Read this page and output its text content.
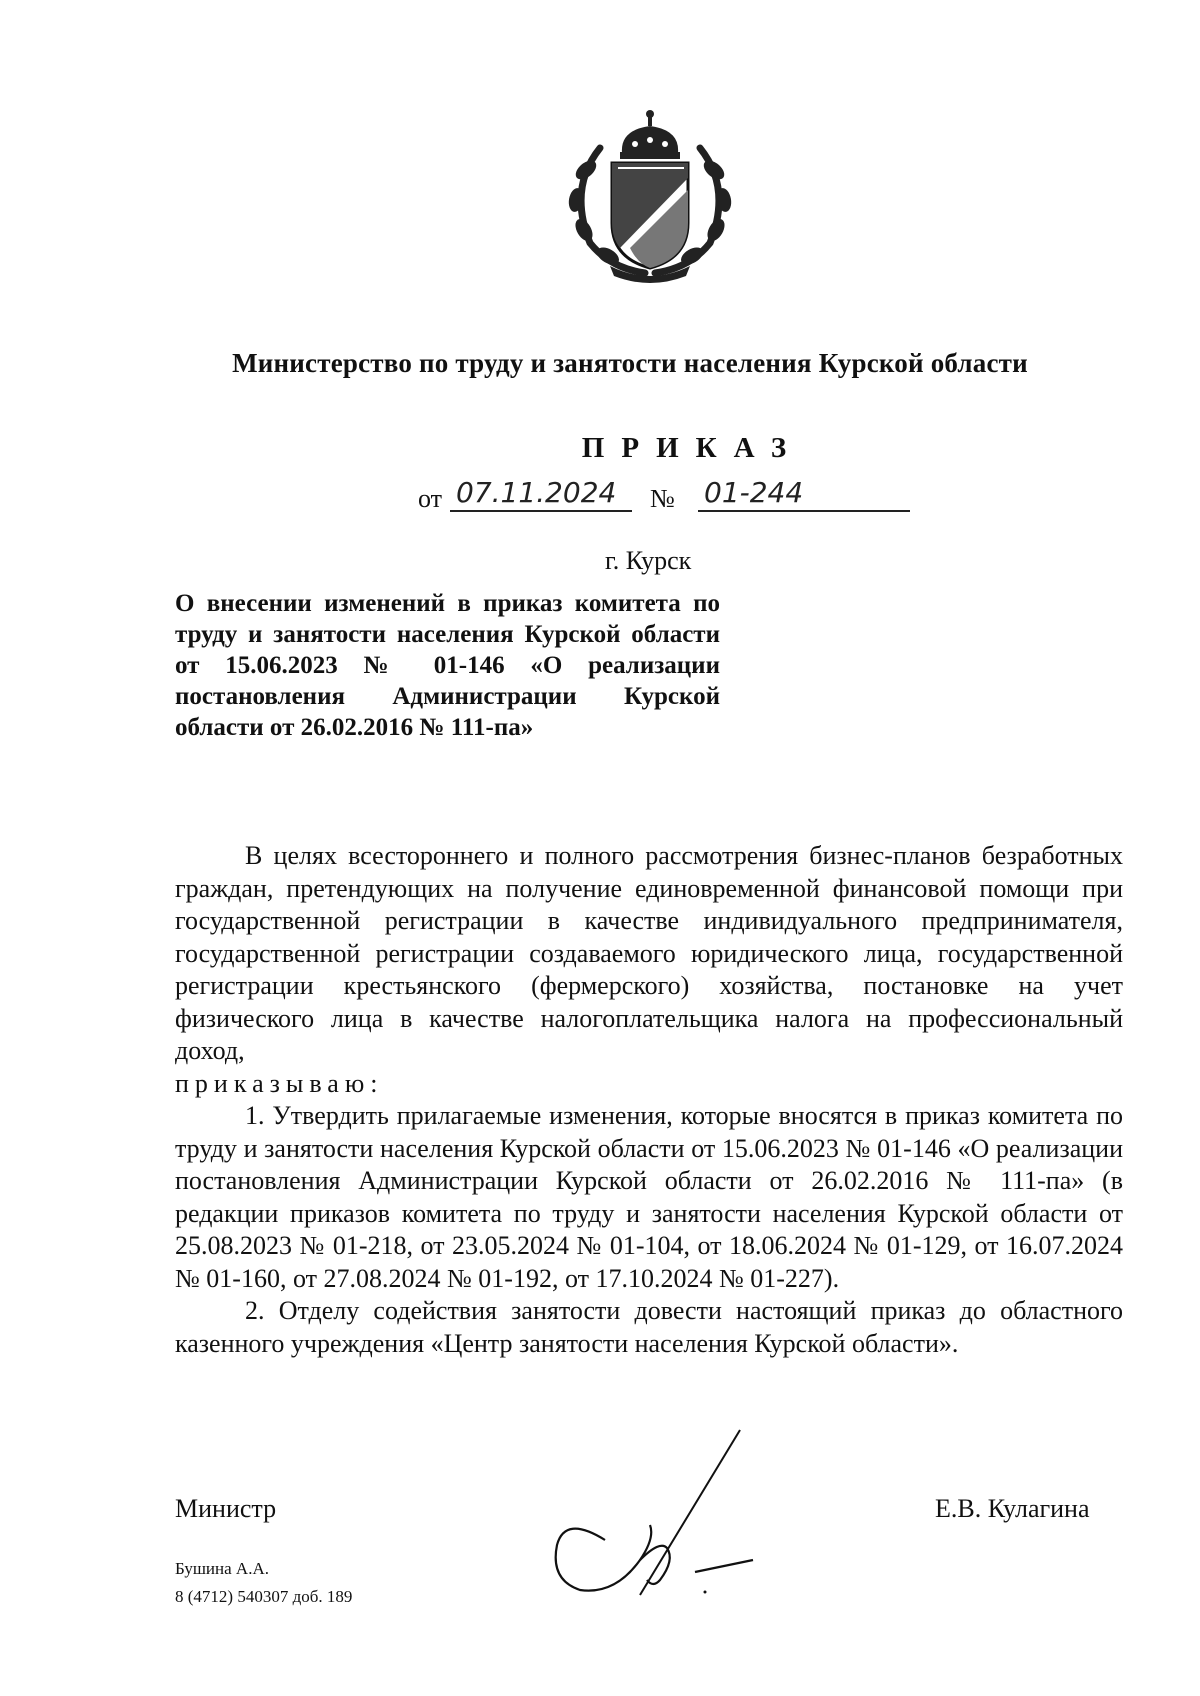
Министерство по труду и занятости населения Курской области
ПРИКАЗ
от 07.11.2024	№ 01-244
г. Курск
О внесении изменений в приказ комитета по труду и занятости населения Курской области от 15.06.2023 № 01-146 «О реализации постановления Администрации Курской области от 26.02.2016 № 111-па»

В целях всестороннего и полного рассмотрения бизнес-планов безработных граждан, претендующих на получение единовременной финансовой помощи при государственной регистрации в качестве индивидуального предпринимателя, государственной регистрации создаваемого юридического лица, государственной регистрации крестьянского (фермерского) хозяйства, постановке на учет физического лица в качестве налогоплательщика налога на профессиональный доход,

приказываю:

1. Утвердить прилагаемые изменения, которые вносятся в приказ комитета по труду и занятости населения Курской области от 15.06.2023 № 01-146 «О реализации постановления Администрации Курской области от 26.02.2016 № 111-па» (в редакции приказов комитета по труду и занятости населения Курской области от 25.08.2023 № 01-218, от 23.05.2024 № 01-104, от 18.06.2024 № 01-129, от 16.07.2024 № 01-160, от 27.08.2024 № 01-192, от 17.10.2024 № 01-227).

2. Отделу содействия занятости довести настоящий приказ до областного казенного учреждения «Центр занятости населения Курской области».

Министр	Е.В. Кулагина
Бушина А.А.
8 (4712) 540307 доб. 189
